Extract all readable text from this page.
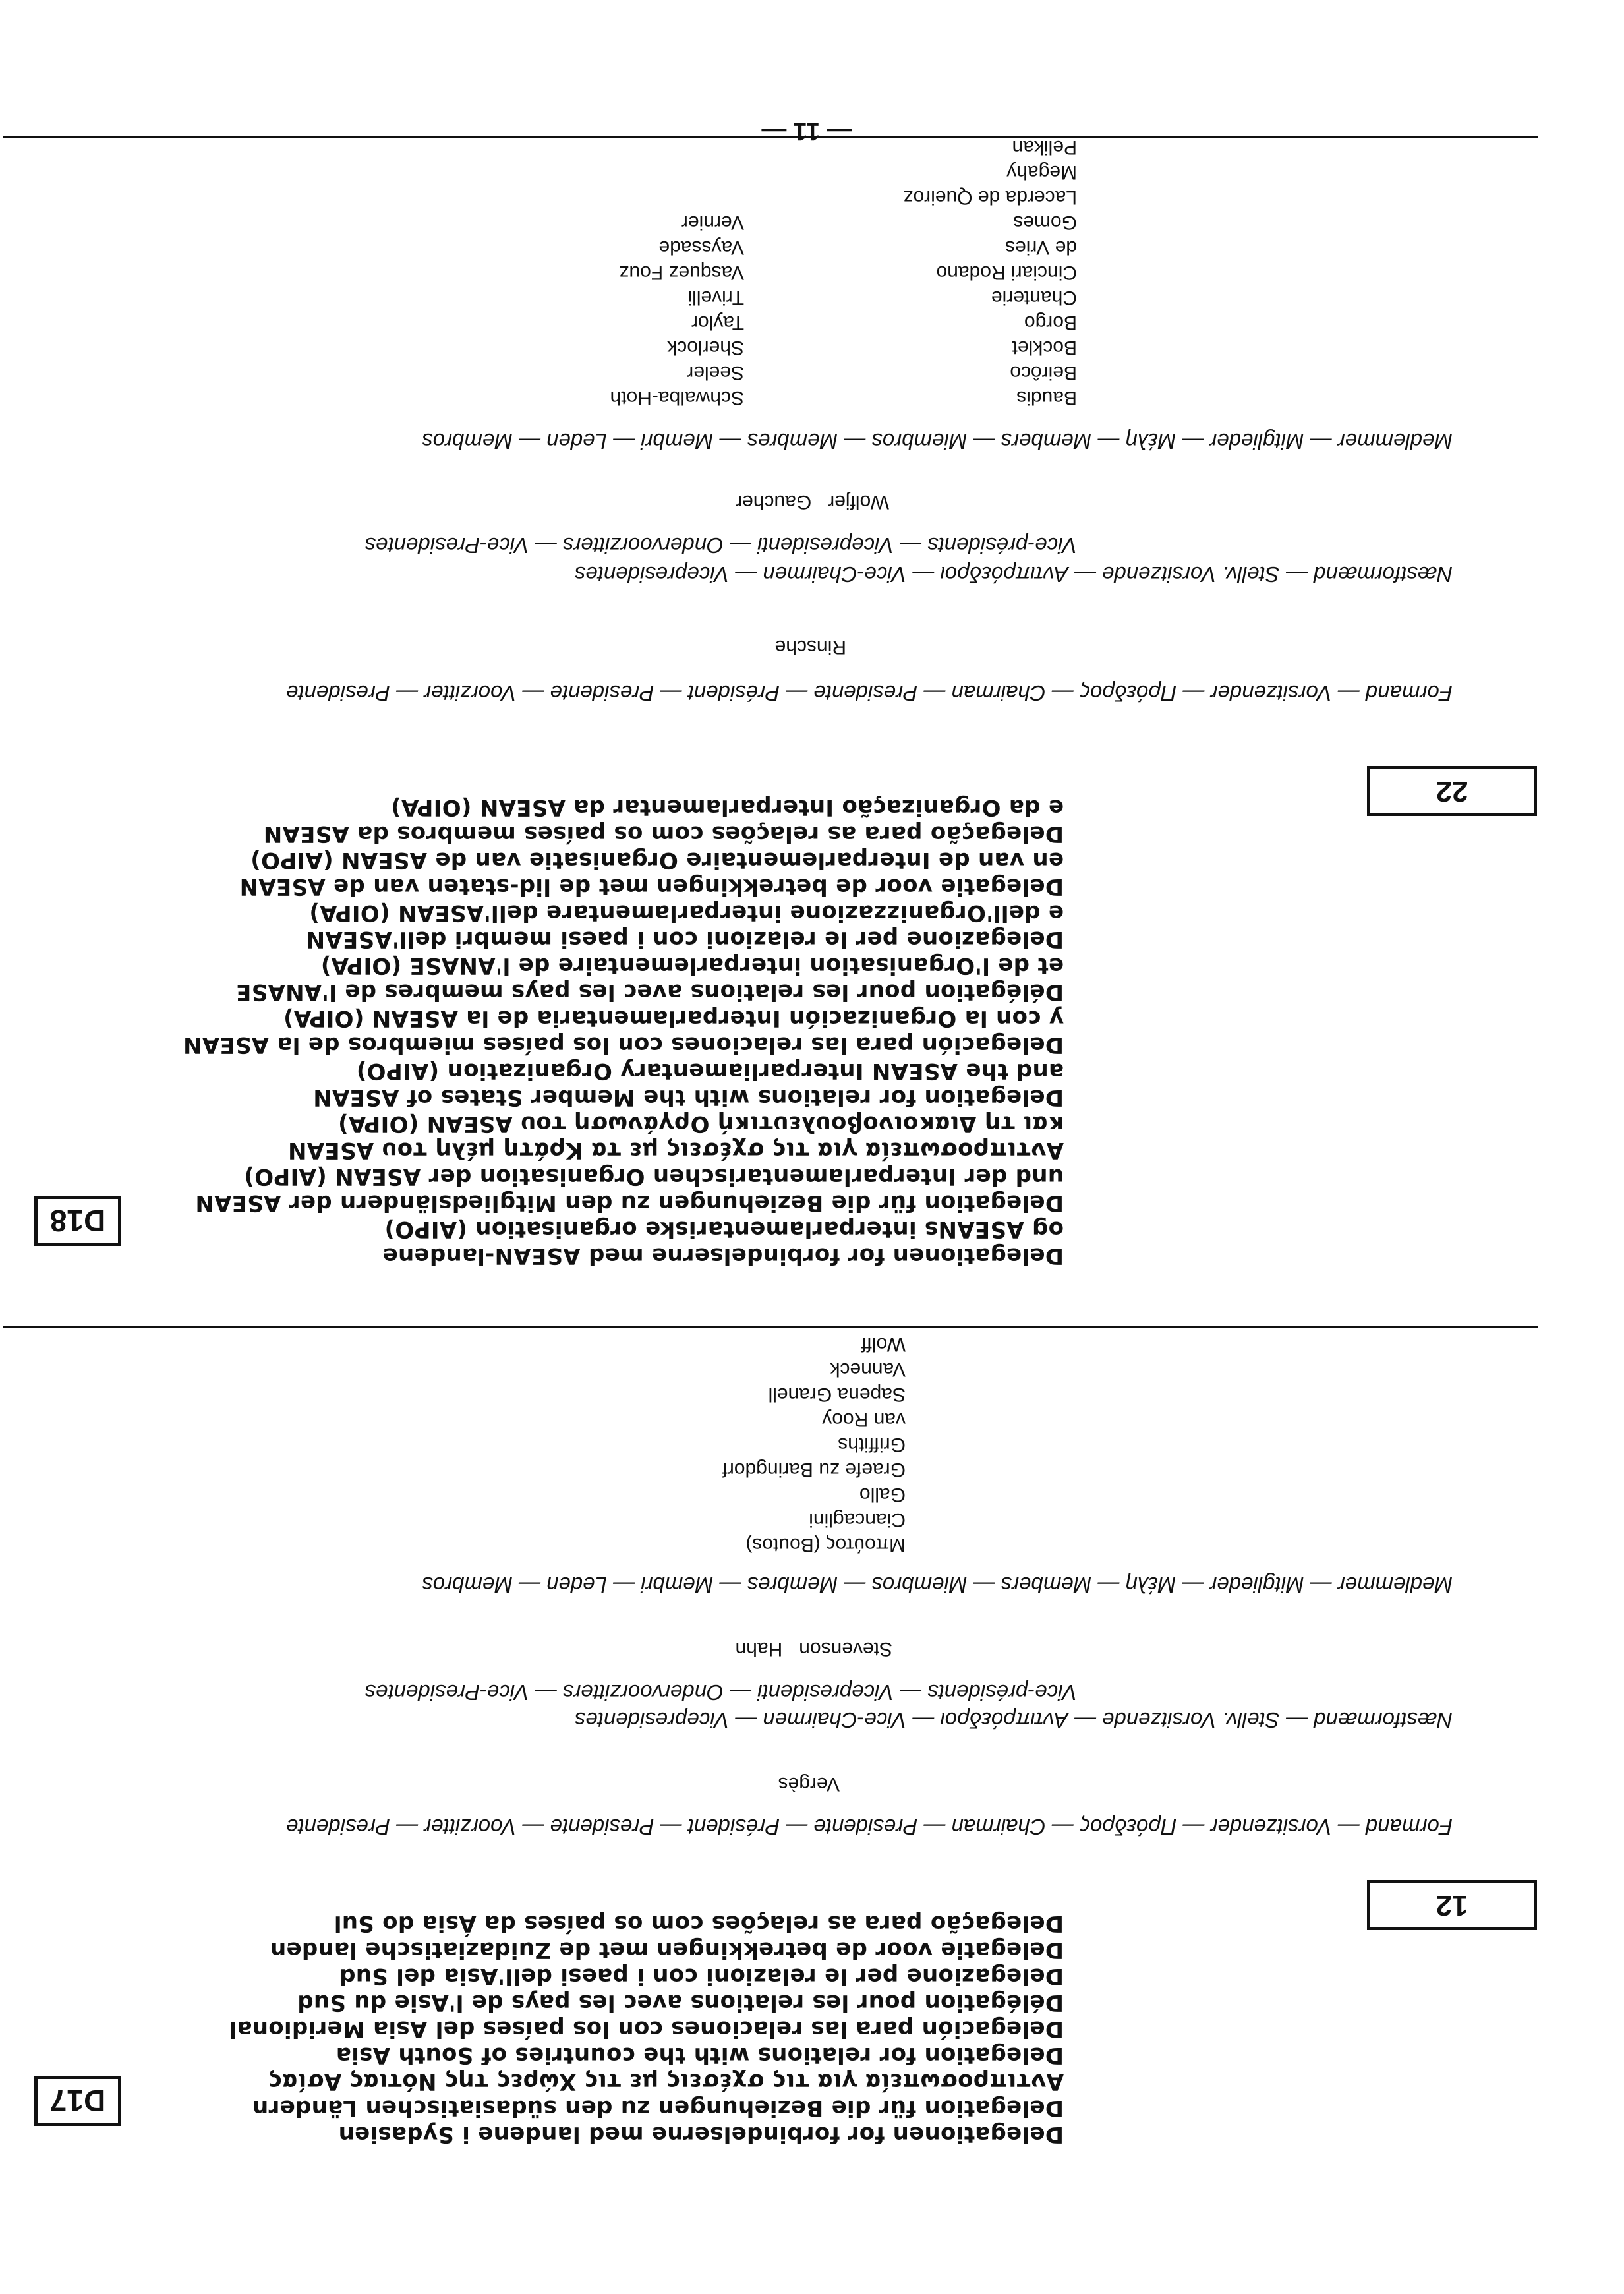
— 11 —
D17
Delegationen for forbindelserne med landene i Sydasien
Delegation für die Beziehungen zu den südasiatischen Ländern
Αντιπροσωπεία για τις σχέσεις με τις Χώρες της Νότιας Ασίας
Delegation for relations with the countries of South Asia
Delegación para las relaciones con los países del Asia Meridional
Délégation pour les relations avec les pays de l'Asie du Sud
Delegazione per le relazioni con i paesi dell'Asia del Sud
Delegatie voor de betrekkingen met de Zuidaziatische landen
Delegação para as relações com os países da Ásia do Sul
12
Formand — Vorsitzender — Πρόεδρος — Chairman — Presidente — Président — Presidente — Voorzitter — Presidente
Vergès
Næstformænd — Stellv. Vorsitzende — Αντιπρόεδροι — Vice-Chairmen — Vicepresidentes
Vice-présidents — Vicepresidenti — Ondervoorzitters — Vice-Presidentes
Stevenson   Hahn
Medlemmer — Mitglieder — Μέλη — Members — Miembros — Membres — Membri — Leden — Membros
Μπούτος (Boutos)
Ciancaglini
Gallo
Graefe zu Baringdorf
Griffiths
van Rooy
Sapena Granell
Vanneck
Wolff
D18
Delegationen for forbindelserne med ASEAN-landene
og ASEANs interparlamentariske organisation (AIPO)
Delegation für die Beziehungen zu den Mitgliedsländern der ASEAN
und der Interparlamentarischen Organisation der ASEAN (AIPO)
Αντιπροσωπεία για τις σχέσεις με τα Κράτη μέλη του ASEAN
και τη Διακοινοβουλευτική Οργάνωση του ASEAN (OIPA)
Delegation for relations with the Member States of ASEAN
and the ASEAN Interparliamentary Organization (AIPO)
Delegación para las relaciones con los países miembros de la ASEAN
y con la Organización Interparlamentaria de la ASEAN (OIPA)
Délégation pour les relations avec les pays membres de l'ANASE
et de l'Organisation interparlementaire de l'ANASE (OIPA)
Delegazione per le relazioni con i paesi membri dell'ASEAN
e dell'Organizzazione interparlamentare dell'ASEAN (OIPA)
Delegatie voor de betrekkingen met de lid-staten van de ASEAN
en van de Interparlementaire Organisatie van de ASEAN (AIPO)
Delegação para as relações com os países membros da ASEAN
e da Organização Interparlamentar da ASEAN (OIPA)	22
Formand — Vorsitzender — Πρόεδρος — Chairman — Presidente — Président — Presidente — Voorzitter — Presidente
Rinsche
Næstformænd — Stellv. Vorsitzende — Αντιπρόεδροι — Vice-Chairmen — Vicepresidentes
Vice-présidents — Vicepresidenti — Ondervoorzitters — Vice-Presidentes
Wolfjer   Gaucher
Medlemmer — Mitglieder — Μέλη — Members — Miembros — Membres — Membri — Leden — Membros
Baudis
Beirôco
Bocklet
Borgo
Chanterie
Cinciari Rodano
de Vries
Gomes
Lacerda de Queiroz
Megahy
Pelikan
Schwalba-Hoth
Seeler
Sherlock
Taylor
Trivelli
Vasquez Fouz
Vayssade
Vernier
